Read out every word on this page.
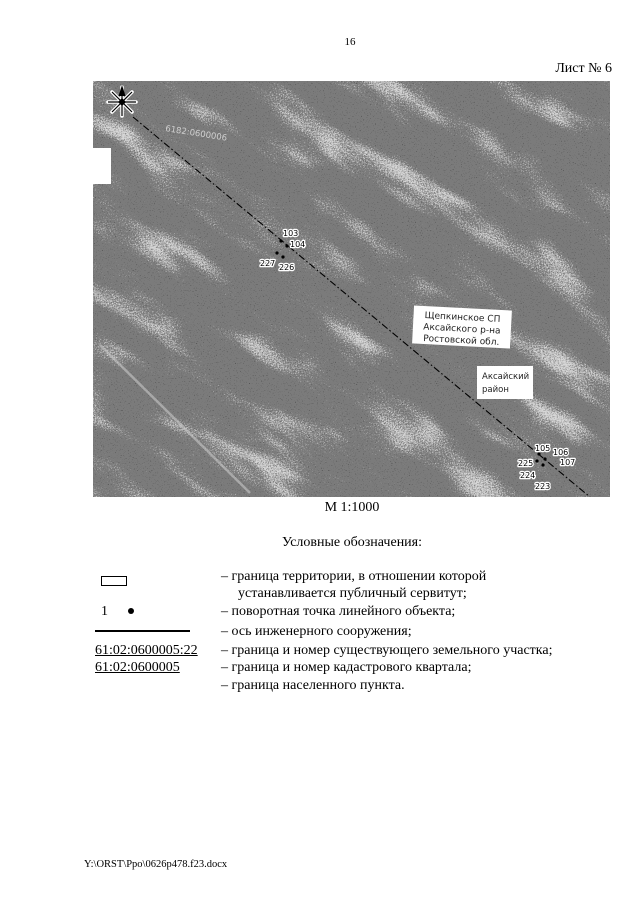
16
Лист № 6
6182:0600006
103
104
227 226
105 106
107
225
224
223
Щепкинское СП
Аксайского р-на
Ростовской обл.
Аксайский
район
М 1:1000
Условные обозначения:
– граница территории, в отношении которой
устанавливается публичный сервитут;
1	– поворотная точка линейного объекта;
– ось инженерного сооружения;
61:02:0600005:22 – граница и номер существующего земельного участка;
61:02:0600005	– граница и номер кадастрового квартала;
– граница населенного пункта.
Y:\ORST\Ppo\0626p478.f23.docx
